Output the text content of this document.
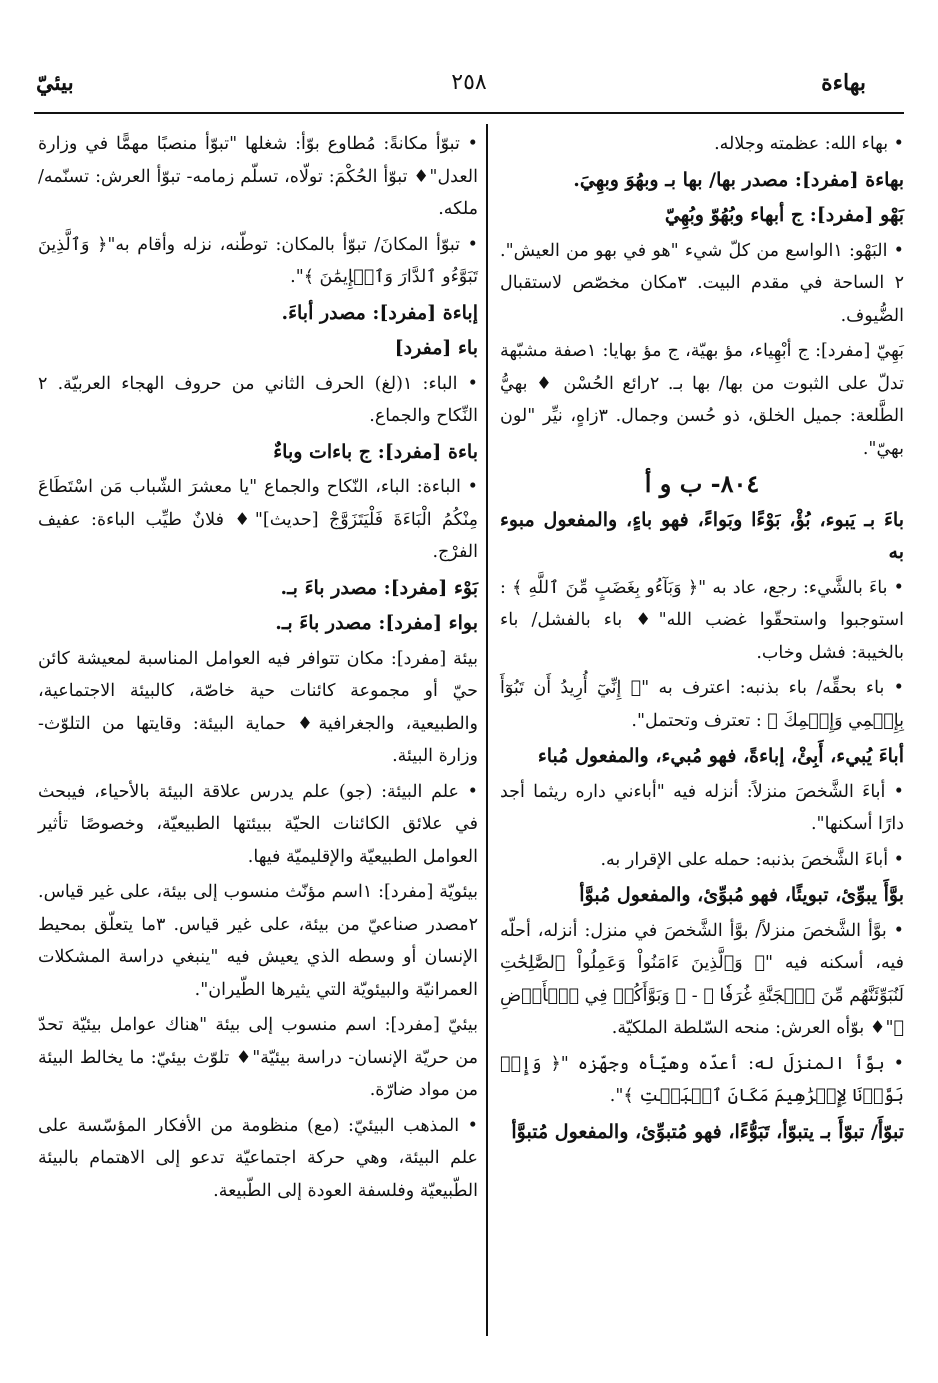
بهاءة
٢٥٨
بيئيّ

• بهاء الله: عظمته وجلاله.

بهاءة [مفرد]: مصدر بها/ بها بـ وبهُوَ وبهِيَ.

بَهْو [مفرد]: ج أبهاء وبُهُوّ وبُهِيّ

• البَهْو: ١الواسع من كلّ شيء "هو في بهو من العيش". ٢ الساحة في مقدم البيت. ٣مكان مخصّص لاستقبال الضُّيوف.

بَهِيّ [مفرد]: ج أبْهِياء، مؤ بهيّة، ج مؤ بهايا: ١صفة مشبّهة تدلّ على الثبوت من بها/ بها بـ. ٢رائع الحُسْن ♦ بهيُّ الطَّلعة: جميل الخلق، ذو حُسن وجمال. ٣زاهٍ، نيِّر "لون بهيّ".

٨٠٤- ب و أ

باءَ بـ يَبوء، بُؤْ، بَوْءًا وبَواءً، فهو باءٍ، والمفعول مبوء به

• باءَ بالشَّيء: رجع، عاد به "﴿ وَبَآءُو بِغَضَبٍ مِّنَ ٱللَّهِ ﴾ : استوجبوا واستحقّوا غضب الله"♦ باء بالفشل/ باء بالخيبة: فشل وخاب.

• باء بحقِّه/ باء بذنبه: اعترف به "﴿ إِنِّيٓ أُرِيدُ أَن تَبُوٓأَ بِإِثۡمِي وَإِثۡمِكَ ﴾ : تعترف وتحتمل".

أباءَ يُبيء، أَبِئْ، إباءةً، فهو مُبيء، والمفعول مُباء

• أباءَ الشَّخصَ منزلاً: أنزله فيه "أباءني داره ريثما أجد دارًا أسكنها".

• أباءَ الشَّخصَ بذنبه: حمله على الإقرار به.

بوَّأَ يبوِّئ، تبويئًا، فهو مُبوِّئ، والمفعول مُبوَّأ

• بوَّأ الشَّخصَ منزلاً/ بوَّأ الشَّخصَ في منزل: أنزله، أحلّه فيه، أسكنه فيه "﴿ وَٱلَّذِينَ ءَامَنُواْ وَعَمِلُواْ ٱلصَّٰلِحَٰتِ لَنُبَوِّئَنَّهُم مِّنَ ٱلۡجَنَّةِ غُرَفٗا ﴾ - ﴿ وَبَوَّأَكُمۡ فِي ٱلۡأَرۡضِ ﴾"♦ بوّأه العرش: منحه السّلطة الملكيّة.

• بوَّأ المنزلَ له: أعدّه وهيّأه وجهّزه "﴿ وَإِذۡ بَوَّأۡنَا لِإِبۡرَٰهِيمَ مَكَانَ ٱلۡبَيۡتِ ﴾".

تبوّأَ/ تبوّأَ بـ يتبوّأ، تَبَوُّءًا، فهو مُتبوِّئ، والمفعول مُتبوَّأ

• تبوّأ مكانةً: مُطاوع بوّأ: شغلها "تبوّأ منصبًا مهمًّا في وزارة العدل"♦ تبوّأ الحُكْمَ: تولّاه، تسلّم زمامه- تبوّأ العرش: تسنّمه/ ملكه.

• تبوّأ المكانَ/ تبوّأ بالمكان: توطّنه، نزله وأقام به"﴿ وَٱلَّذِينَ تَبَوَّءُو ٱلدَّارَ وَٱلۡإِيمَٰنَ ﴾".

إباءة [مفرد]: مصدر أباءَ.

باء [مفرد]

• الباء: ١(لغ) الحرف الثاني من حروف الهجاء العربيّة. ٢ النِّكاح والجماع.

باءة [مفرد]: ج باءات وباءٌ

• الباءة: الباء، النّكاح والجماع "يا معشرَ الشّباب مَن اسْتَطَاعَ مِنْكُمُ الْبَاءَةَ فَلْيَتَزَوَّجْ [حديث]"♦ فلانٌ طيِّب الباءة: عفيف الفرْج.

بَوْء [مفرد]: مصدر باءَ بـ.

بواء [مفرد]: مصدر باءَ بـ.

بيئة [مفرد]: مكان تتوافر فيه العوامل المناسبة لمعيشة كائن حيّ أو مجموعة كائنات حية خاصّة، كالبيئة الاجتماعية، والطبيعية، والجغرافية♦ حماية البيئة: وقايتها من التلوّث- وزارة البيئة.

• علم البيئة: (جو) علم يدرس علاقة البيئة بالأحياء، فيبحث في علائق الكائنات الحيّة ببيئتها الطبيعيّة، وخصوصًا تأثير العوامل الطبيعيّة والإقليميّة فيها.

بيئويّة [مفرد]: ١اسم مؤنّث منسوب إلى بيئة، على غير قياس. ٢مصدر صناعيّ من بيئة، على غير قياس. ٣ما يتعلّق بمحيط الإنسان أو وسطه الذي يعيش فيه "ينبغي دراسة المشكلات العمرانيّة والبيئويّة التي يثيرها الطّيران".

بيئيّ [مفرد]: اسم منسوب إلى بيئة "هناك عوامل بيئيّة تحدّ من حريّة الإنسان- دراسة بيئيّة"♦ تلوّث بيئيّ: ما يخالط البيئة من مواد ضارّة.

• المذهب البيئيّ: (مع) منظومة من الأفكار المؤسّسة على علم البيئة، وهي حركة اجتماعيّة تدعو إلى الاهتمام بالبيئة الطّبيعيّة وفلسفة العودة إلى الطّبيعة.
